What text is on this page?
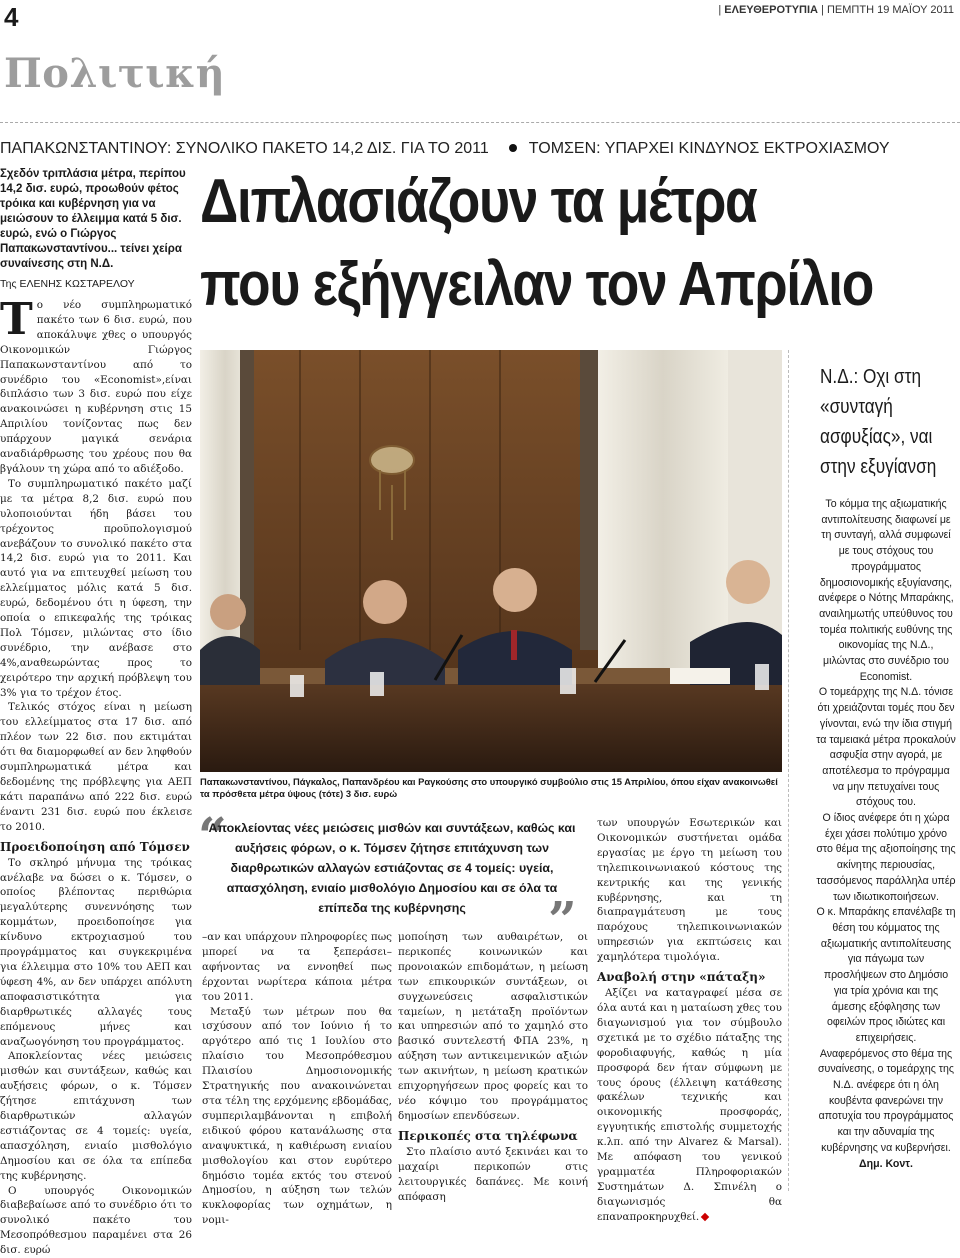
4	| ΕΛΕΥΘΕΡΟΤΥΠΙΑ | ΠΕΜΠΤΗ 19 ΜΑΪΟΥ 2011
Πολιτική
ΠΑΠΑΚΩΝΣΤΑΝΤΙΝΟΥ: ΣΥΝΟΛΙΚΟ ΠΑΚΕΤΟ 14,2 ΔΙΣ. ΓΙΑ ΤΟ 2011	ΤΟΜΣΕΝ: ΥΠΑΡΧΕΙ ΚΙΝΔΥΝΟΣ ΕΚΤΡΟΧΙΑΣΜΟΥ
Σχεδόν τριπλάσια μέτρα, περίπου 14,2 δισ. ευρώ, προωθούν φέτος τρόικα και κυβέρνηση για να μειώσουν το έλλειμμα κατά 5 δισ. ευρώ, ενώ ο Γιώργος Παπακωνσταντίνου... τείνει χείρα συναίνεσης στη Ν.Δ.
Της ΕΛΕΝΗΣ ΚΩΣΤΑΡΕΛΟΥ
Διπλασιάζουν τα μέτρα
που εξήγγειλαν τον Απρίλιο

Το νέο συμπληρωματικό πακέτο των 6 δισ. ευρώ, που αποκάλυψε χθες ο υπουργός Οικονομικών Γιώργος Παπακωνσταντίνου από το συνέδριο του «Economist»,είναι διπλάσιο των 3 δισ. ευρώ που είχε ανακοινώσει η κυβέρνηση στις 15 Απριλίου τονίζοντας πως δεν υπάρχουν μαγικά σενάρια αναδιάρθρωσης του χρέους που θα βγάλουν τη χώρα από το αδιέξοδο.

Το συμπληρωματικό πακέτο μαζί με τα μέτρα 8,2 δισ. ευρώ που υλοποιούνται ήδη βάσει του τρέχοντος προϋπολογισμού ανεβάζουν το συνολικό πακέτο στα 14,2 δισ. ευρώ για το 2011. Και αυτό για να επιτευχθεί μείωση του ελλείμματος μόλις κατά 5 δισ. ευρώ, δεδομένου ότι η ύφεση, την οποία ο επικεφαλής της τρόικας Πολ Τόμσεν, μιλώντας στο ίδιο συνέδριο, την ανέβασε στο 4%,αναθεωρώντας προς το χειρότερο την αρχική πρόβλεψη του 3% για το τρέχον έτος.

Τελικός στόχος είναι η μείωση του ελλείμματος στα 17 δισ. από πλέον των 22 δισ. που εκτιμάται ότι θα διαμορφωθεί αν δεν ληφθούν συμπληρωματικά μέτρα και δεδομένης της πρόβλεψης για ΑΕΠ κάτι παραπάνω από 222 δισ. ευρώ έναντι 231 δισ. ευρώ που έκλεισε το 2010.

Προειδοποίηση από Τόμσεν

Το σκληρό μήνυμα της τρόικας ανέλαβε να δώσει ο κ. Τόμσεν, ο οποίος βλέποντας περιθώρια μεγαλύτερης συνεννόησης των κομμάτων, προειδοποίησε για κίνδυνο εκτροχιασμού του προγράμματος και συγκεκριμένα για έλλειμμα στο 10% του ΑΕΠ και ύφεση 4%, αν δεν υπάρχει απόλυτη αποφασιστικότητα για διαρθρωτικές αλλαγές τους επόμενους μήνες και αναζωογόνηση του προγράμματος.

Αποκλείοντας νέες μειώσεις μισθών και συντάξεων, καθώς και αυξήσεις φόρων, ο κ. Τόμσεν ζήτησε επιτάχυνση των διαρθρωτικών αλλαγών εστιάζοντας σε 4 τομείς: υγεία, απασχόληση, ενιαίο μισθολόγιο Δημοσίου και σε όλα τα επίπεδα της κυβέρνησης.

Ο υπουργός Οικονομικών διαβεβαίωσε από το συνέδριο ότι το συνολικό πακέτο του Μεσοπρόθεσμου παραμένει στα 26 δισ. ευρώ

Παπακωνσταντίνου, Πάγκαλος, Παπανδρέου και Ραγκούσης στο υπουργικό συμβούλιο στις 15 Απριλίου, όπου είχαν ανακοινωθεί τα πρόσθετα μέτρα ύψους (τότε) 3 δισ. ευρώ
“
Αποκλείοντας νέες μειώσεις μισθών και συντάξεων, καθώς και αυξήσεις φόρων, ο κ. Τόμσεν ζήτησε επιτάχυνση των διαρθρωτικών αλλαγών εστιάζοντας σε 4 τομείς: υγεία, απασχόληση, ενιαίο μισθολόγιο Δημοσίου και σε όλα τα επίπεδα της κυβέρνησης	”

–αν και υπάρχουν πληροφορίες πως μπορεί να τα ξεπεράσει– αφήνοντας να εννοηθεί πως έρχονται νωρίτερα κάποια μέτρα του 2011.

Μεταξύ των μέτρων που θα ισχύσουν από τον Ιούνιο ή το αργότερο από τις 1 Ιουλίου στο πλαίσιο του Μεσοπρόθεσμου Πλαισίου Δημοσιονομικής Στρατηγικής που ανακοινώνεται στα τέλη της ερχόμενης εβδομάδας, συμπεριλαμβάνονται η επιβολή ειδικού φόρου κατανάλωσης στα αναψυκτικά, η καθιέρωση ενιαίου μισθολογίου και στον ευρύτερο δημόσιο τομέα εκτός του στενού Δημοσίου, η αύξηση των τελών κυκλοφορίας των οχημάτων, η νομι-

μοποίηση των αυθαιρέτων, οι περικοπές κοινωνικών και προνοιακών επιδομάτων, η μείωση των επικουρικών συντάξεων, οι συγχωνεύσεις ασφαλιστικών ταμείων, η μετάταξη προϊόντων και υπηρεσιών από το χαμηλό στο βασικό συντελεστή ΦΠΑ 23%, η αύξηση των αντικειμενικών αξιών των ακινήτων, η μείωση κρατικών επιχορηγήσεων προς φορείς και το νέο κόψιμο του προγράμματος δημοσίων επενδύσεων.

Περικοπές στα τηλέφωνα

Στο πλαίσιο αυτό ξεκινάει και το μαχαίρι περικοπών στις λειτουργικές δαπάνες. Με κοινή απόφαση

των υπουργών Εσωτερικών και Οικονομικών συστήνεται ομάδα εργασίας με έργο τη μείωση του τηλεπικοινωνιακού κόστους της κεντρικής και της γενικής κυβέρνησης, και τη διαπραγμάτευση με τους παρόχους τηλεπικοινωνιακών υπηρεσιών για εκπτώσεις και χαμηλότερα τιμολόγια.

Αναβολή στην «πάταξη»

Αξίζει να καταγραφεί μέσα σε όλα αυτά και η ματαίωση χθες του διαγωνισμού για τον σύμβουλο σχετικά με το σχέδιο πάταξης της φοροδιαφυγής, καθώς η μία προσφορά δεν ήταν σύμφωνη με τους όρους (έλλειψη κατάθεσης φακέλων τεχνικής και οικονομικής προσφοράς, εγγυητικής επιστολής συμμετοχής κ.λπ. από την Alvarez & Marsal). Με απόφαση του γενικού γραμματέα Πληροφοριακών Συστημάτων Δ. Σπινέλη ο διαγωνισμός θα επαναπροκηρυχθεί.

Ν.Δ.: Οχι στη «συνταγή ασφυξίας», ναι στην εξυγίανση

Το κόμμα της αξιωματικής αντιπολίτευσης διαφωνεί με τη συνταγή, αλλά συμφωνεί με τους στόχους του προγράμματος δημοσιονομικής εξυγίανσης, ανέφερε ο Νότης Μπαράκης, αναιλημωτής υπεύθυνος του τομέα πολιτικής ευθύνης της οικονομίας της Ν.Δ., μιλώντας στο συνέδριο του Economist.

Ο τομεάρχης της Ν.Δ. τόνισε ότι χρειάζονται τομές που δεν γίνονται, ενώ την ίδια στιγμή τα ταμειακά μέτρα προκαλούν ασφυξία στην αγορά, με αποτέλεσμα το πρόγραμμα να μην πετυχαίνει τους στόχους του.

Ο ίδιος ανέφερε ότι η χώρα έχει χάσει πολύτιμο χρόνο στο θέμα της αξιοποίησης της ακίνητης περιουσίας, τασσόμενος παράλληλα υπέρ των ιδιωτικοποιήσεων.

Ο κ. Μπαράκης επανέλαβε τη θέση του κόμματος της αξιωματικής αντιπολίτευσης για πάγωμα των προσλήψεων στο Δημόσιο για τρία χρόνια και της άμεσης εξόφλησης των οφειλών προς ιδιώτες και επιχειρήσεις.

Αναφερόμενος στο θέμα της συναίνεσης, ο τομεάρχης της Ν.Δ. ανέφερε ότι η όλη κουβέντα φανερώνει την αποτυχία του προγράμματος και την αδυναμία της κυβέρνησης να κυβερνήσει. Δημ. Κοντ.
